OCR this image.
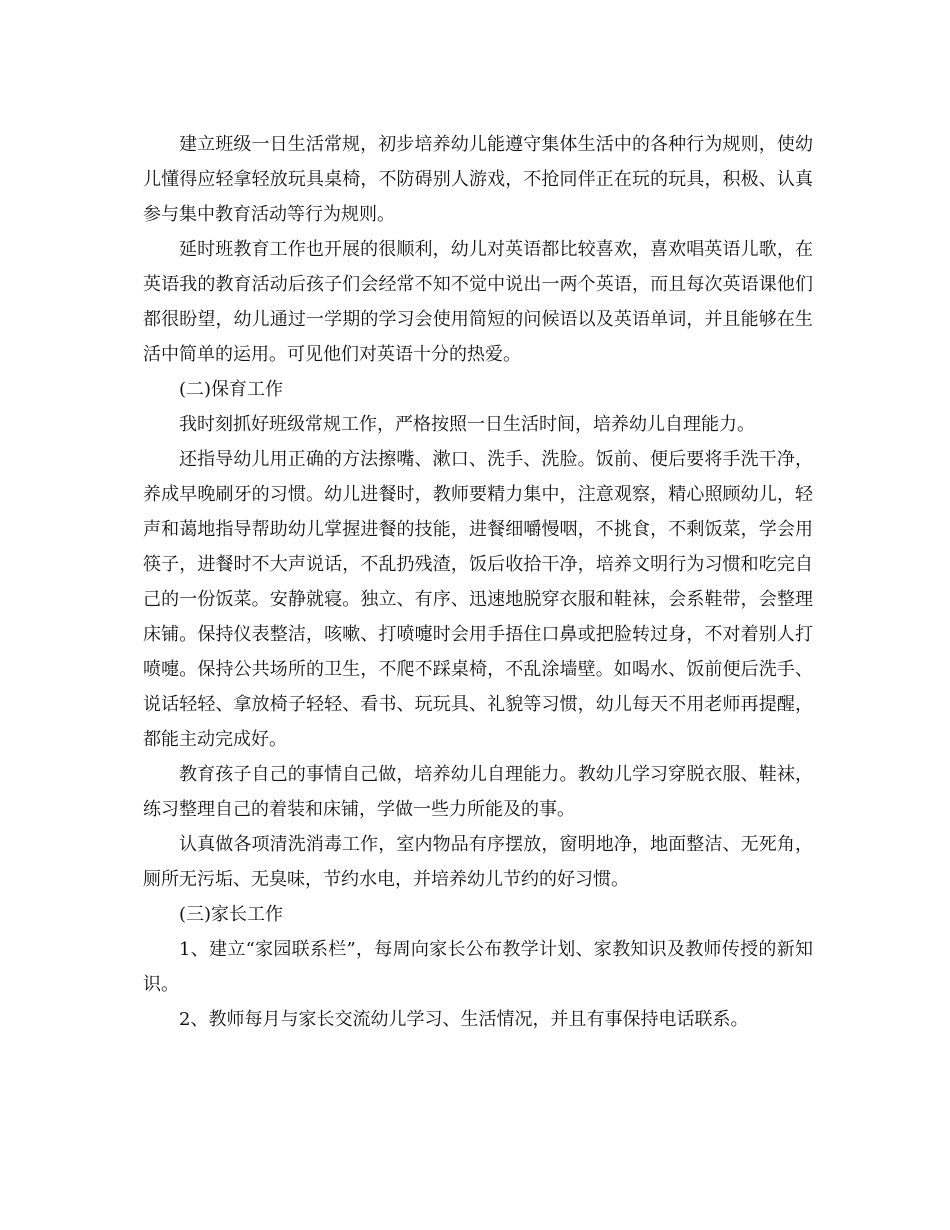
建立班级一日生活常规，初步培养幼儿能遵守集体生活中的各种行为规则，使幼儿懂得应轻拿轻放玩具桌椅，不防碍别人游戏，不抢同伴正在玩的玩具，积极、认真参与集中教育活动等行为规则。

延时班教育工作也开展的很顺利，幼儿对英语都比较喜欢，喜欢唱英语儿歌，在英语我的教育活动后孩子们会经常不知不觉中说出一两个英语，而且每次英语课他们都很盼望，幼儿通过一学期的学习会使用简短的问候语以及英语单词，并且能够在生活中简单的运用。可见他们对英语十分的热爱。

(二)保育工作

我时刻抓好班级常规工作，严格按照一日生活时间，培养幼儿自理能力。

还指导幼儿用正确的方法擦嘴、漱口、洗手、洗脸。饭前、便后要将手洗干净，养成早晚刷牙的习惯。幼儿进餐时，教师要精力集中，注意观察，精心照顾幼儿，轻声和蔼地指导帮助幼儿掌握进餐的技能，进餐细嚼慢咽，不挑食，不剩饭菜，学会用筷子，进餐时不大声说话，不乱扔残渣，饭后收拾干净，培养文明行为习惯和吃完自己的一份饭菜。安静就寝。独立、有序、迅速地脱穿衣服和鞋袜，会系鞋带，会整理床铺。保持仪表整洁，咳嗽、打喷嚏时会用手捂住口鼻或把脸转过身，不对着别人打喷嚏。保持公共场所的卫生，不爬不踩桌椅，不乱涂墙壁。如喝水、饭前便后洗手、说话轻轻、拿放椅子轻轻、看书、玩玩具、礼貌等习惯，幼儿每天不用老师再提醒，都能主动完成好。

教育孩子自己的事情自己做，培养幼儿自理能力。教幼儿学习穿脱衣服、鞋袜，练习整理自己的着装和床铺，学做一些力所能及的事。

认真做各项清洗消毒工作，室内物品有序摆放，窗明地净，地面整洁、无死角，厕所无污垢、无臭味，节约水电，并培养幼儿节约的好习惯。

(三)家长工作

1、建立“家园联系栏”，每周向家长公布教学计划、家教知识及教师传授的新知识。

2、教师每月与家长交流幼儿学习、生活情况，并且有事保持电话联系。
